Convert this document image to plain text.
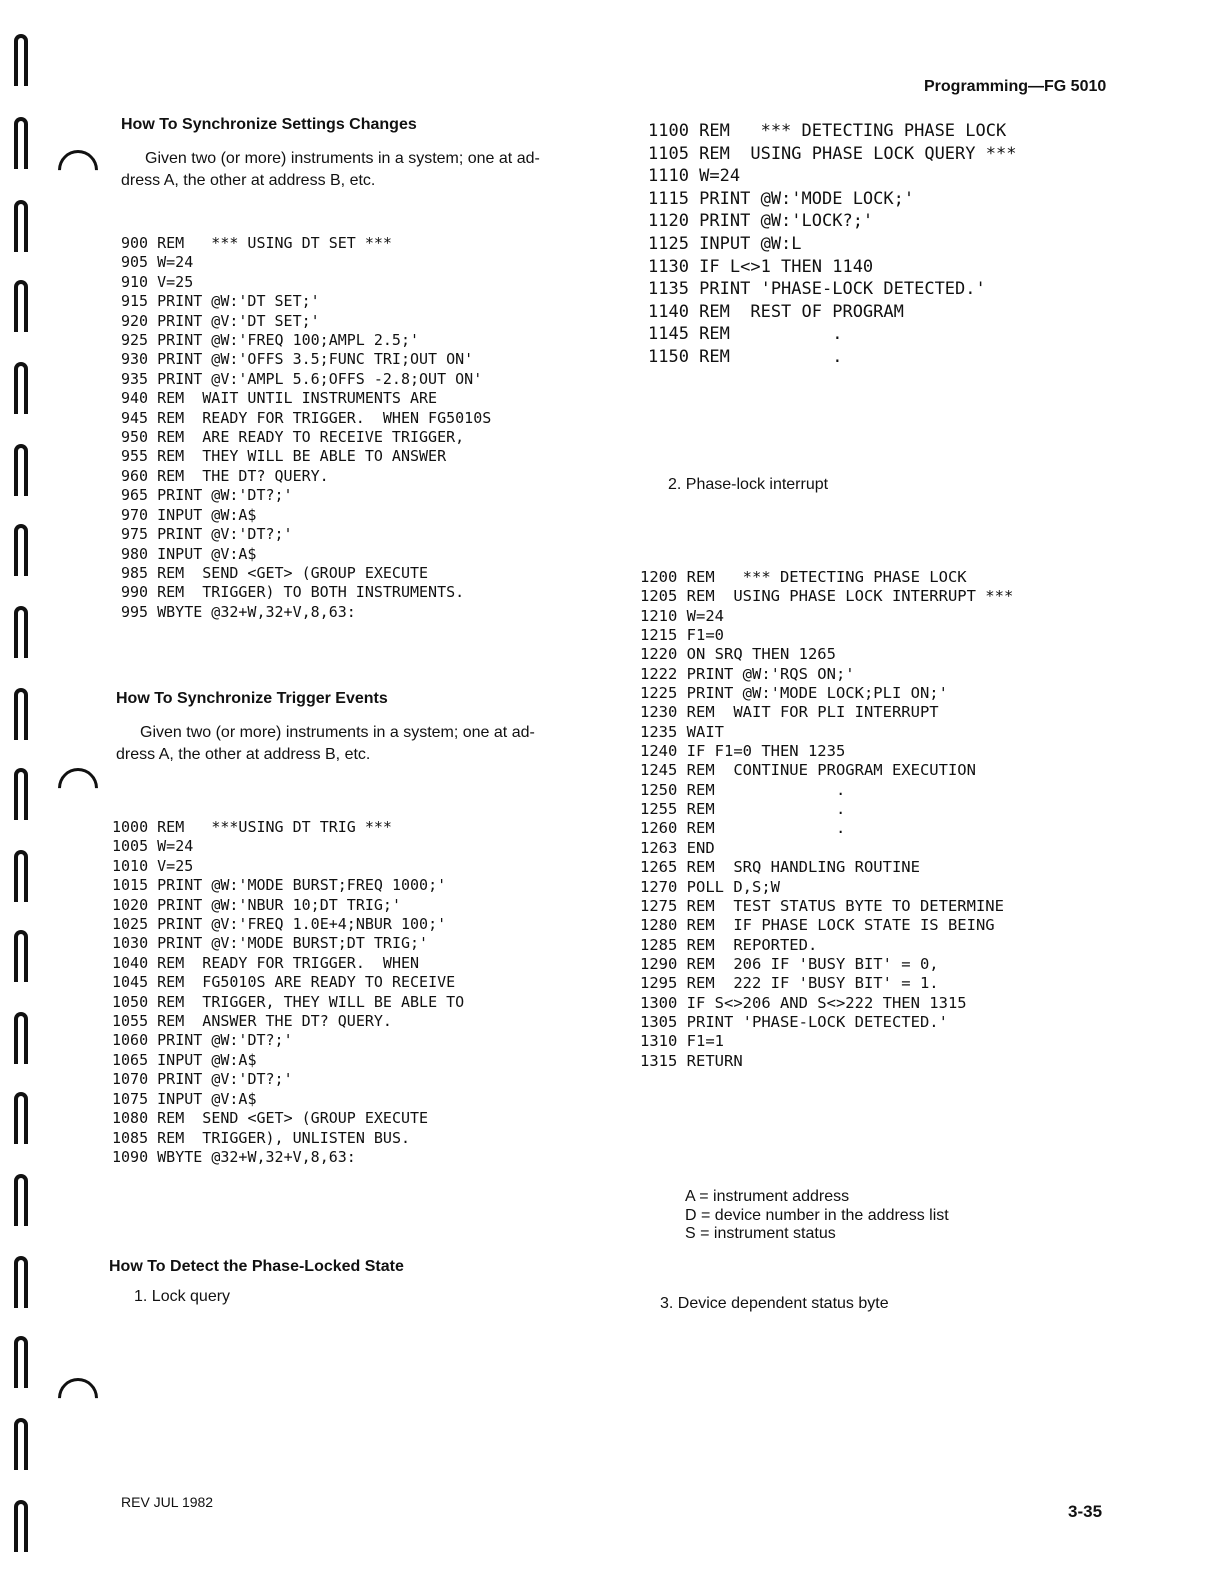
Programming—FG 5010
How To Synchronize Settings Changes
Given two (or more) instruments in a system; one at ad-
dress A, the other at address B, etc.
900 REM   *** USING DT SET ***
905 W=24
910 V=25
915 PRINT @W:'DT SET;'
920 PRINT @V:'DT SET;'
925 PRINT @W:'FREQ 100;AMPL 2.5;'
930 PRINT @W:'OFFS 3.5;FUNC TRI;OUT ON'
935 PRINT @V:'AMPL 5.6;OFFS -2.8;OUT ON'
940 REM  WAIT UNTIL INSTRUMENTS ARE
945 REM  READY FOR TRIGGER.  WHEN FG5010S
950 REM  ARE READY TO RECEIVE TRIGGER,
955 REM  THEY WILL BE ABLE TO ANSWER
960 REM  THE DT? QUERY.
965 PRINT @W:'DT?;'
970 INPUT @W:A$
975 PRINT @V:'DT?;'
980 INPUT @V:A$
985 REM  SEND <GET> (GROUP EXECUTE
990 REM  TRIGGER) TO BOTH INSTRUMENTS.
995 WBYTE @32+W,32+V,8,63:
How To Synchronize Trigger Events
Given two (or more) instruments in a system; one at ad-
dress A, the other at address B, etc.
1000 REM   ***USING DT TRIG ***
1005 W=24
1010 V=25
1015 PRINT @W:'MODE BURST;FREQ 1000;'
1020 PRINT @W:'NBUR 10;DT TRIG;'
1025 PRINT @V:'FREQ 1.0E+4;NBUR 100;'
1030 PRINT @V:'MODE BURST;DT TRIG;'
1040 REM  READY FOR TRIGGER.  WHEN
1045 REM  FG5010S ARE READY TO RECEIVE
1050 REM  TRIGGER, THEY WILL BE ABLE TO
1055 REM  ANSWER THE DT? QUERY.
1060 PRINT @W:'DT?;'
1065 INPUT @W:A$
1070 PRINT @V:'DT?;'
1075 INPUT @V:A$
1080 REM  SEND <GET> (GROUP EXECUTE
1085 REM  TRIGGER), UNLISTEN BUS.
1090 WBYTE @32+W,32+V,8,63:
How To Detect the Phase-Locked State
1. Lock query
1100 REM   *** DETECTING PHASE LOCK
1105 REM  USING PHASE LOCK QUERY ***
1110 W=24
1115 PRINT @W:'MODE LOCK;'
1120 PRINT @W:'LOCK?;'
1125 INPUT @W:L
1130 IF L<>1 THEN 1140
1135 PRINT 'PHASE-LOCK DETECTED.'
1140 REM  REST OF PROGRAM
1145 REM          .
1150 REM          .
2. Phase-lock interrupt
1200 REM   *** DETECTING PHASE LOCK
1205 REM  USING PHASE LOCK INTERRUPT ***
1210 W=24
1215 F1=0
1220 ON SRQ THEN 1265
1222 PRINT @W:'RQS ON;'
1225 PRINT @W:'MODE LOCK;PLI ON;'
1230 REM  WAIT FOR PLI INTERRUPT
1235 WAIT
1240 IF F1=0 THEN 1235
1245 REM  CONTINUE PROGRAM EXECUTION
1250 REM             .
1255 REM             .
1260 REM             .
1263 END
1265 REM  SRQ HANDLING ROUTINE
1270 POLL D,S;W
1275 REM  TEST STATUS BYTE TO DETERMINE
1280 REM  IF PHASE LOCK STATE IS BEING
1285 REM  REPORTED.
1290 REM  206 IF 'BUSY BIT' = 0,
1295 REM  222 IF 'BUSY BIT' = 1.
1300 IF S<>206 AND S<>222 THEN 1315
1305 PRINT 'PHASE-LOCK DETECTED.'
1310 F1=1
1315 RETURN
A = instrument address
D = device number in the address list
S = instrument status
3. Device dependent status byte
REV JUL 1982	3-35
